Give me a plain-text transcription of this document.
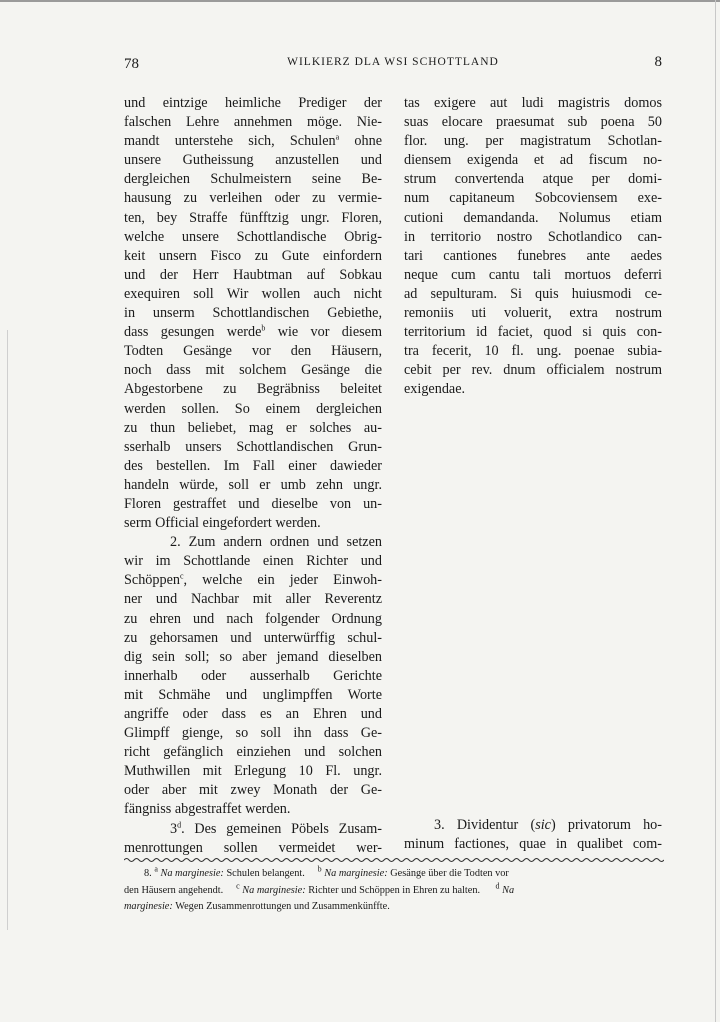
78	WILKIERZ DLA WSI SCHOTTLAND	8
und eintzige heimliche Prediger der
falschen Lehre annehmen möge. Nie-
mandt unterstehe sich, Schulen$^a$ ohne
unsere Gutheissung anzustellen und
dergleichen Schulmeistern seine Be-
hausung zu verleihen oder zu vermie-
ten, bey Straffe fünfftzig ungr. Floren,
welche unsere Schottlandische Obrig-
keit unsern Fisco zu Gute einfordern
und der Herr Haubtman auf Sobkau
exequiren soll Wir wollen auch nicht
in unserm Schottlandischen Gebiethe,
dass gesungen werde$^b$ wie vor diesem
Todten Gesänge vor den Häusern,
noch dass mit solchem Gesänge die
Abgestorbene zu Begräbniss beleitet
werden sollen. So einem dergleichen
zu thun beliebet, mag er solches au-
sserhalb unsers Schottlandischen Grun-
des bestellen. Im Fall einer dawieder
handeln würde, soll er umb zehn ungr.
Floren gestraffet und dieselbe von un-
serm Official eingefordert werden.
2. Zum andern ordnen und setzen
wir im Schottlande einen Richter und
Schöppen$^c$, welche ein jeder Einwoh-
ner und Nachbar mit aller Reverentz
zu ehren und nach folgender Ordnung
zu gehorsamen und unterwürffig schul-
dig sein soll; so aber jemand dieselben
innerhalb oder ausserhalb Gerichte
mit Schmähe und unglimpffen Worte
angriffe oder dass es an Ehren und
Glimpff gienge, so soll ihn dass Ge-
richt gefänglich einziehen und solchen
Muthwillen mit Erlegung 10 Fl. ungr.
oder aber mit zwey Monath der Ge-
fängniss abgestraffet werden.
3$^d$. Des gemeinen Pöbels Zusam-
menrottungen sollen vermeidet wer-
tas exigere aut ludi magistris domos
suas elocare praesumat sub poena 50
flor. ung. per magistratum Schotlan-
diensem exigenda et ad fiscum no-
strum convertenda atque per domi-
num capitaneum Sobcoviensem exe-
cutioni demandanda. Nolumus etiam
in territorio nostro Schotlandico can-
tari cantiones funebres ante aedes
neque cum cantu tali mortuos deferri
ad sepulturam. Si quis huiusmodi ce-
remoniis uti voluerit, extra nostrum
territorium id faciet, quod si quis con-
tra fecerit, 10 fl. ung. poenae subia-
cebit per rev. dnum officialem nostrum
exigendae.
3. Dividentur (sic) privatorum ho-
minum factiones, quae in qualibet com-
8. $^a$ Na marginesie: Schulen belangent. $^b$ Na marginesie: Gesänge über die Todten vor
den Häusern angehendt. $^c$ Na marginesie: Richter und Schöppen in Ehren zu halten. $^d$ Na
marginesie: Wegen Zusammenrottungen und Zusammenkünffte.
